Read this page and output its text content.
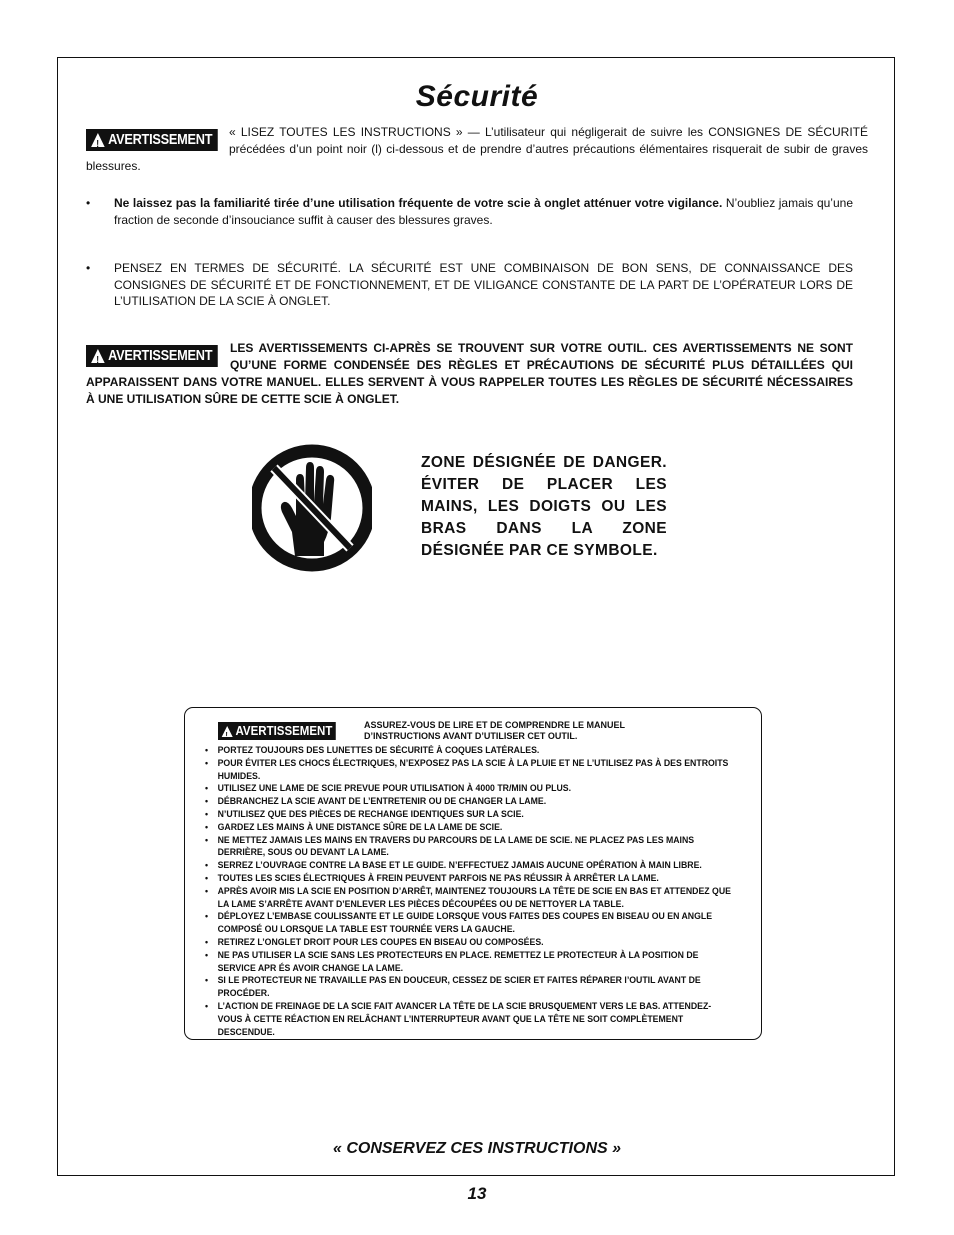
Sécurité
!
AVERTISSEMENT	« LISEZ TOUTES LES INSTRUCTIONS » — L’utilisateur qui négligerait de suivre les CONSIGNES DE SÉCURITÉ précédées d’un point noir (l) ci-dessous et de prendre d’autres précautions élémentaires risquerait de subir de graves blessures.
• Ne laissez pas la familiarité tirée d’une utilisation fréquente de votre scie à onglet atténuer votre vigilance. N’oubliez jamais qu’une fraction de seconde d’insouciance suffit à causer des blessures graves.
• PENSEZ EN TERMES DE SÉCURITÉ. LA SÉCURITÉ EST UNE COMBINAISON DE BON SENS, DE CONNAISSANCE DES CONSIGNES DE SÉCURITÉ ET DE FONCTIONNEMENT, ET DE VILIGANCE CONSTANTE DE LA PART DE L’OPÉRATEUR LORS DE L’UTILISATION DE LA SCIE À ONGLET.
!
AVERTISSEMENT	LES AVERTISSEMENTS CI-APRÈS SE TROUVENT SUR VOTRE OUTIL. CES AVERTISSEMENTS NE SONT QU’UNE FORME CONDENSÉE DES RÈGLES ET PRÉCAUTIONS DE SÉCURITÉ PLUS DÉTAILLÉES QUI APPARAISSENT DANS VOTRE MANUEL. ELLES SERVENT À VOUS RAPPELER TOUTES LES RÈGLES DE SÉCURITÉ NÉCESSAIRES À UNE UTILISATION SÛRE DE CETTE SCIE À ONGLET.
ZONE DÉSIGNÉE DE DANGER. ÉVITER DE PLACER LES MAINS, LES DOIGTS OU LES BRAS DANS LA ZONE DÉSIGNÉE PAR CE SYMBOLE.
!
AVERTISSEMENT	ASSUREZ-VOUS DE LIRE ET DE COMPRENDRE LE MANUEL D’INSTRUCTIONS AVANT D’UTILISER CET OUTIL.
• PORTEZ TOUJOURS DES LUNETTES DE SÉCURITÉ À COQUES LATÉRALES.
• POUR ÉVITER LES CHOCS ÉLECTRIQUES, N’EXPOSEZ PAS LA SCIE À LA PLUIE ET NE L’UTILISEZ PAS À DES ENTROITS HUMIDES.
• UTILISEZ UNE LAME DE SCIE PREVUE POUR UTILISATION À 4000 TR/MIN OU PLUS.
• DÉBRANCHEZ LA SCIE AVANT DE L’ENTRETENIR OU DE CHANGER LA LAME.
• N’UTILISEZ QUE DES PIÈCES DE RECHANGE IDENTIQUES SUR LA SCIE.
• GARDEZ LES MAINS À UNE DISTANCE SÛRE DE LA LAME DE SCIE.
• NE METTEZ JAMAIS LES MAINS EN TRAVERS DU PARCOURS DE LA LAME DE SCIE. NE PLACEZ PAS LES MAINS DERRIÈRE, SOUS OU DEVANT LA LAME.
• SERREZ L’OUVRAGE CONTRE LA BASE ET LE GUIDE. N’EFFECTUEZ JAMAIS AUCUNE OPÉRATION À MAIN LIBRE.
• TOUTES LES SCIES ÉLECTRIQUES À FREIN PEUVENT PARFOIS NE PAS RÉUSSIR À ARRÊTER LA LAME.
• APRÈS AVOIR MIS LA SCIE EN POSITION D’ARRÊT, MAINTENEZ TOUJOURS LA TÊTE DE SCIE EN BAS ET ATTENDEZ QUE LA LAME S’ARRÊTE AVANT D’ENLEVER LES PIÈCES DÉCOUPÉES OU DE NETTOYER LA TABLE.
• DÉPLOYEZ L’EMBASE COULISSANTE ET LE GUIDE LORSQUE VOUS FAITES DES COUPES EN BISEAU OU EN ANGLE COMPOSÉ OU LORSQUE LA TABLE EST TOURNÉE VERS LA GAUCHE.
• RETIREZ L’ONGLET DROIT POUR LES COUPES EN BISEAU OU COMPOSÉES.
• NE PAS UTILISER LA SCIE SANS LES PROTECTEURS EN PLACE. REMETTEZ LE PROTECTEUR À LA POSITION DE SERVICE APR ÉS AVOIR CHANGE LA LAME.
• SI LE PROTECTEUR NE TRAVAILLE PAS EN DOUCEUR, CESSEZ DE SCIER ET FAITES RÉPARER l’OUTIL AVANT DE PROCÉDER.
• L’ACTION DE FREINAGE DE LA SCIE FAIT AVANCER LA TÊTE DE LA SCIE BRUSQUEMENT VERS LE BAS. ATTENDEZ-VOUS À CETTE RÉACTION EN RELÂCHANT L’INTERRUPTEUR AVANT QUE LA TÊTE NE SOIT COMPLÈTEMENT DESCENDUE.
« CONSERVEZ CES INSTRUCTIONS »
13
